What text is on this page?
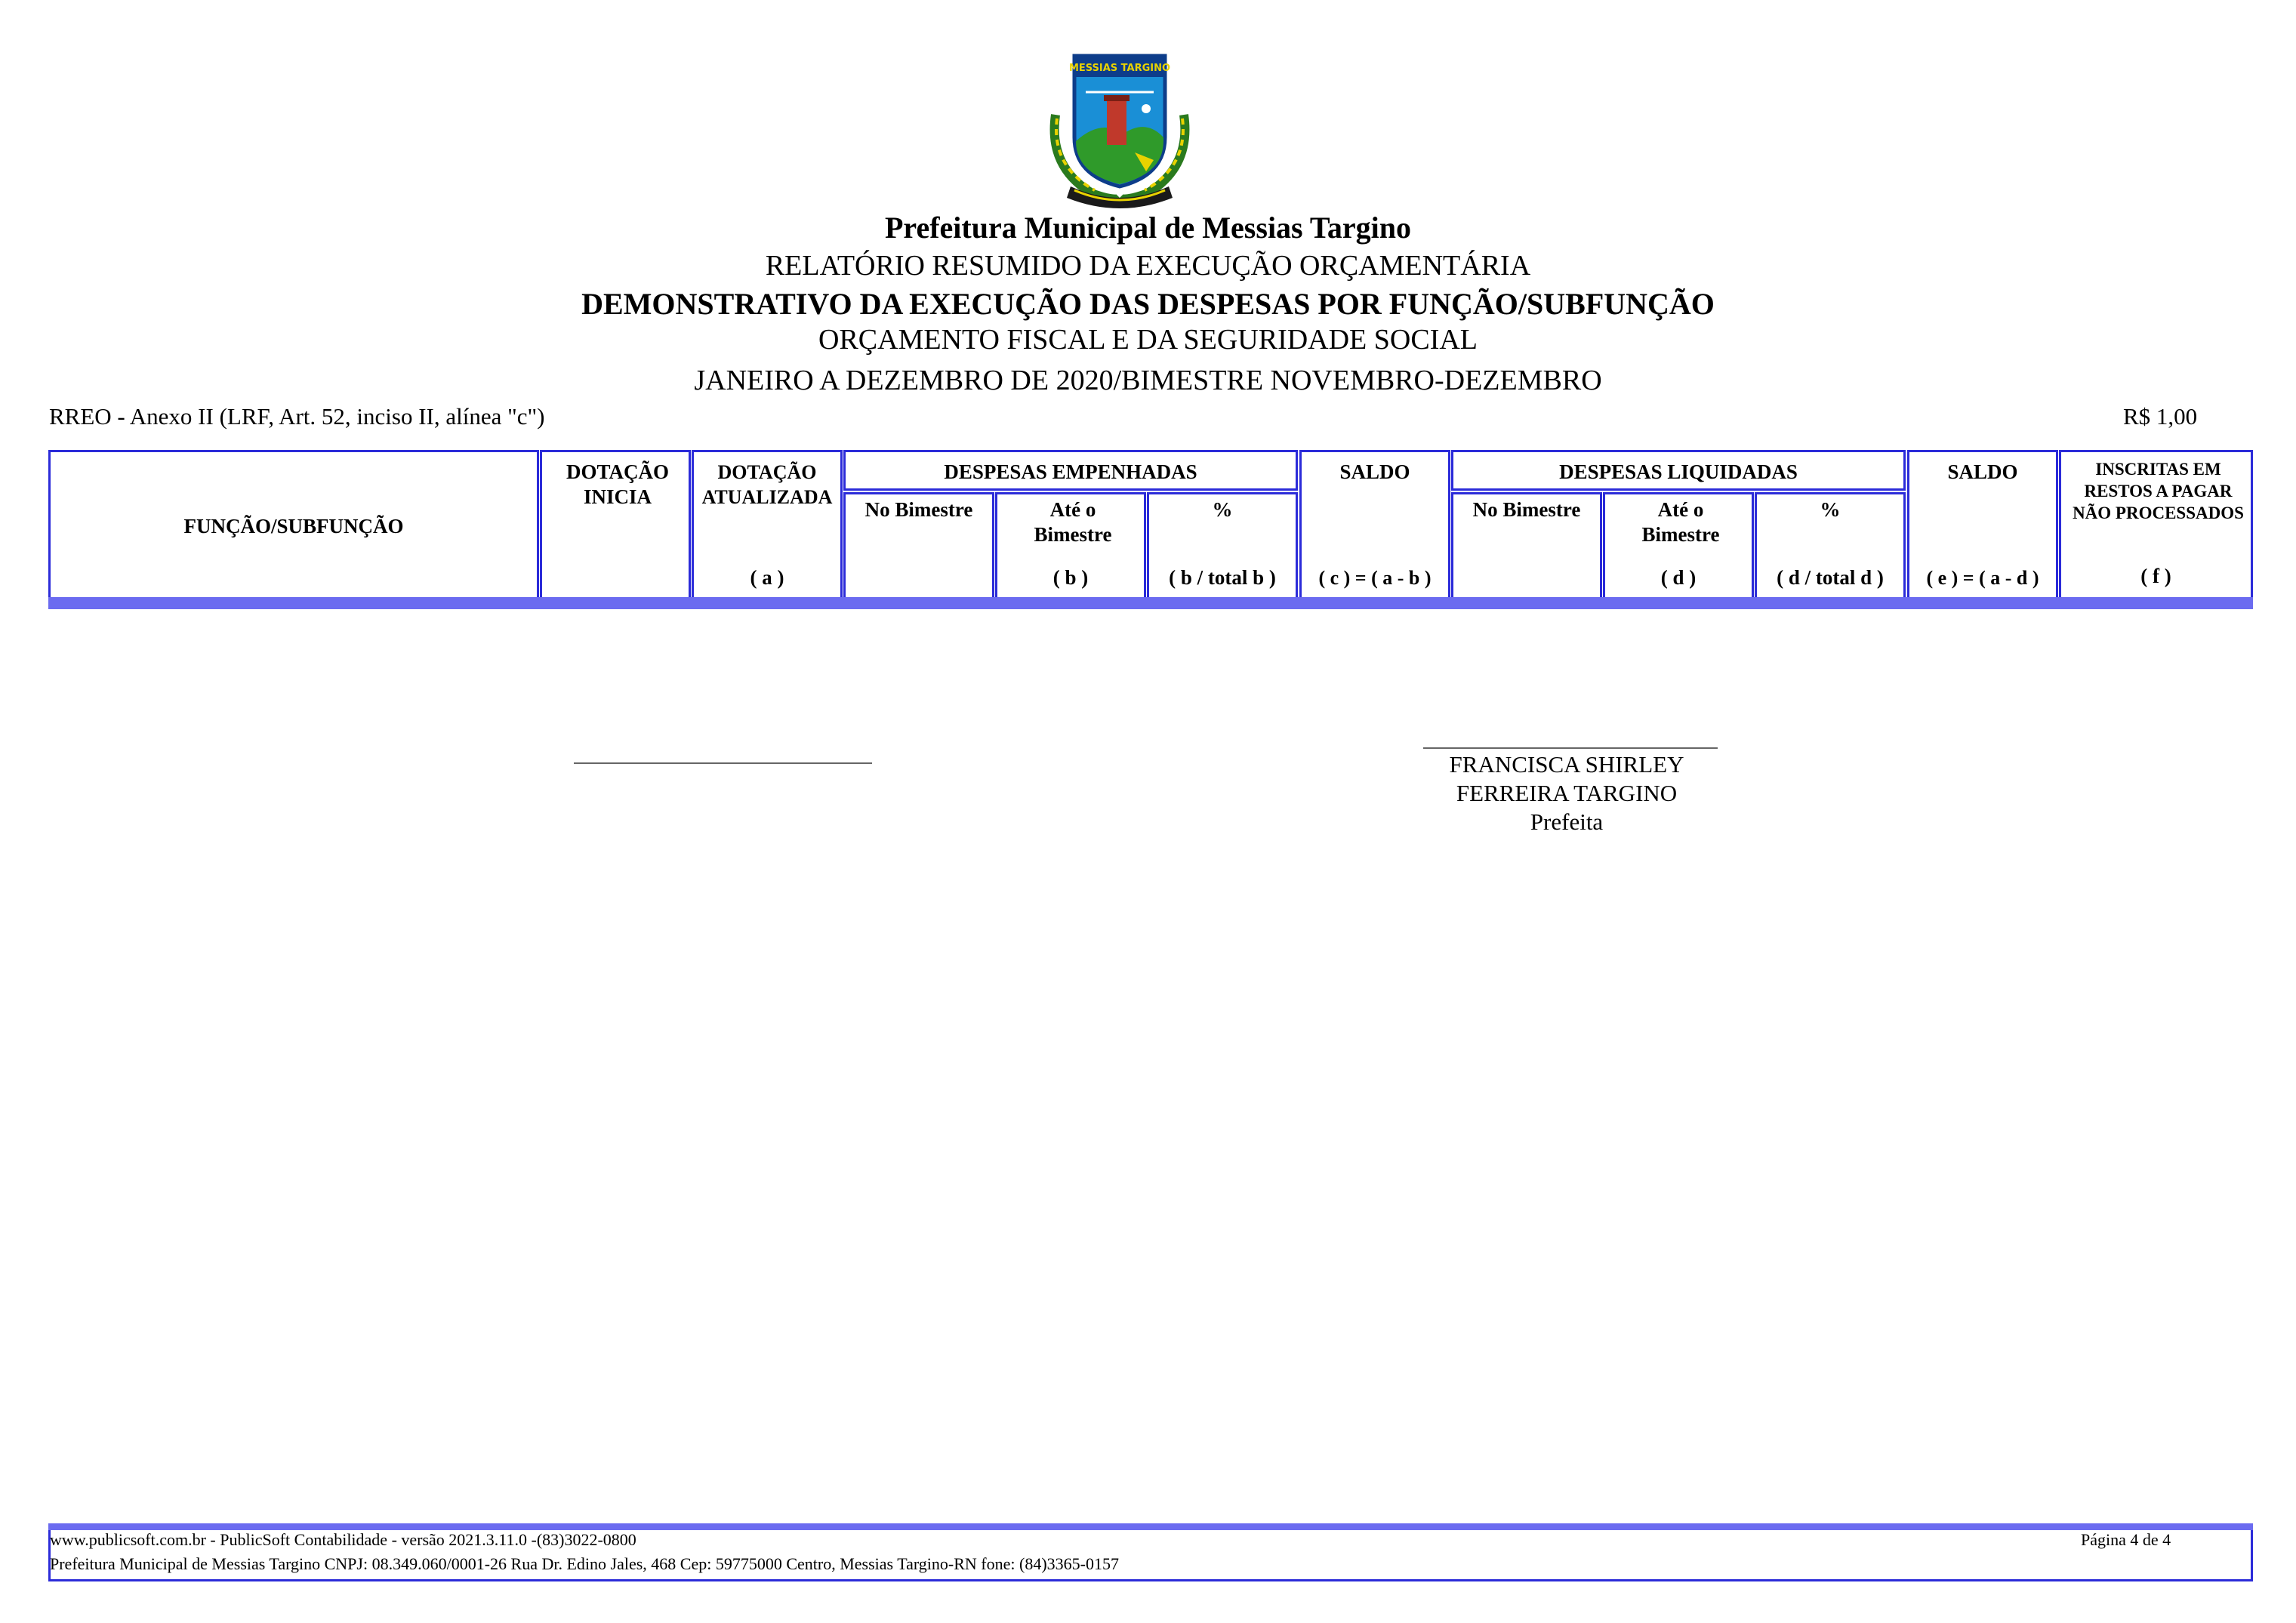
MESSIAS TARGINO
Prefeitura Municipal de Messias Targino
RELATÓRIO RESUMIDO DA EXECUÇÃO ORÇAMENTÁRIA
DEMONSTRATIVO DA EXECUÇÃO DAS DESPESAS POR FUNÇÃO/SUBFUNÇÃO
ORÇAMENTO FISCAL E DA SEGURIDADE SOCIAL
JANEIRO A DEZEMBRO DE 2020/BIMESTRE NOVEMBRO-DEZEMBRO
RREO - Anexo II (LRF, Art. 52, inciso II, alínea "c")	R$ 1,00
FUNÇÃO/SUBFUNÇÃO
DOTAÇÃO INICIA
DOTAÇÃO ATUALIZADA
( a )
DESPESAS EMPENHADAS
No Bimestre	Até o Bimestre
( b )
%
( b / total b )
SALDO
( c ) = ( a - b )
DESPESAS LIQUIDADAS
No Bimestre	Até o Bimestre
( d )
%
( d / total d )
SALDO
( e ) = ( a - d )
INSCRITAS EM RESTOS A PAGAR NÃO PROCESSADOS
( f )
FRANCISCA SHIRLEY
FERREIRA TARGINO
Prefeita
www.publicsoft.com.br - PublicSoft Contabilidade - versão 2021.3.11.0 -(83)3022-0800
Prefeitura Municipal de Messias Targino CNPJ: 08.349.060/0001-26 Rua Dr. Edino Jales, 468 Cep: 59775000 Centro, Messias Targino-RN fone: (84)3365-0157
Página 4 de 4
